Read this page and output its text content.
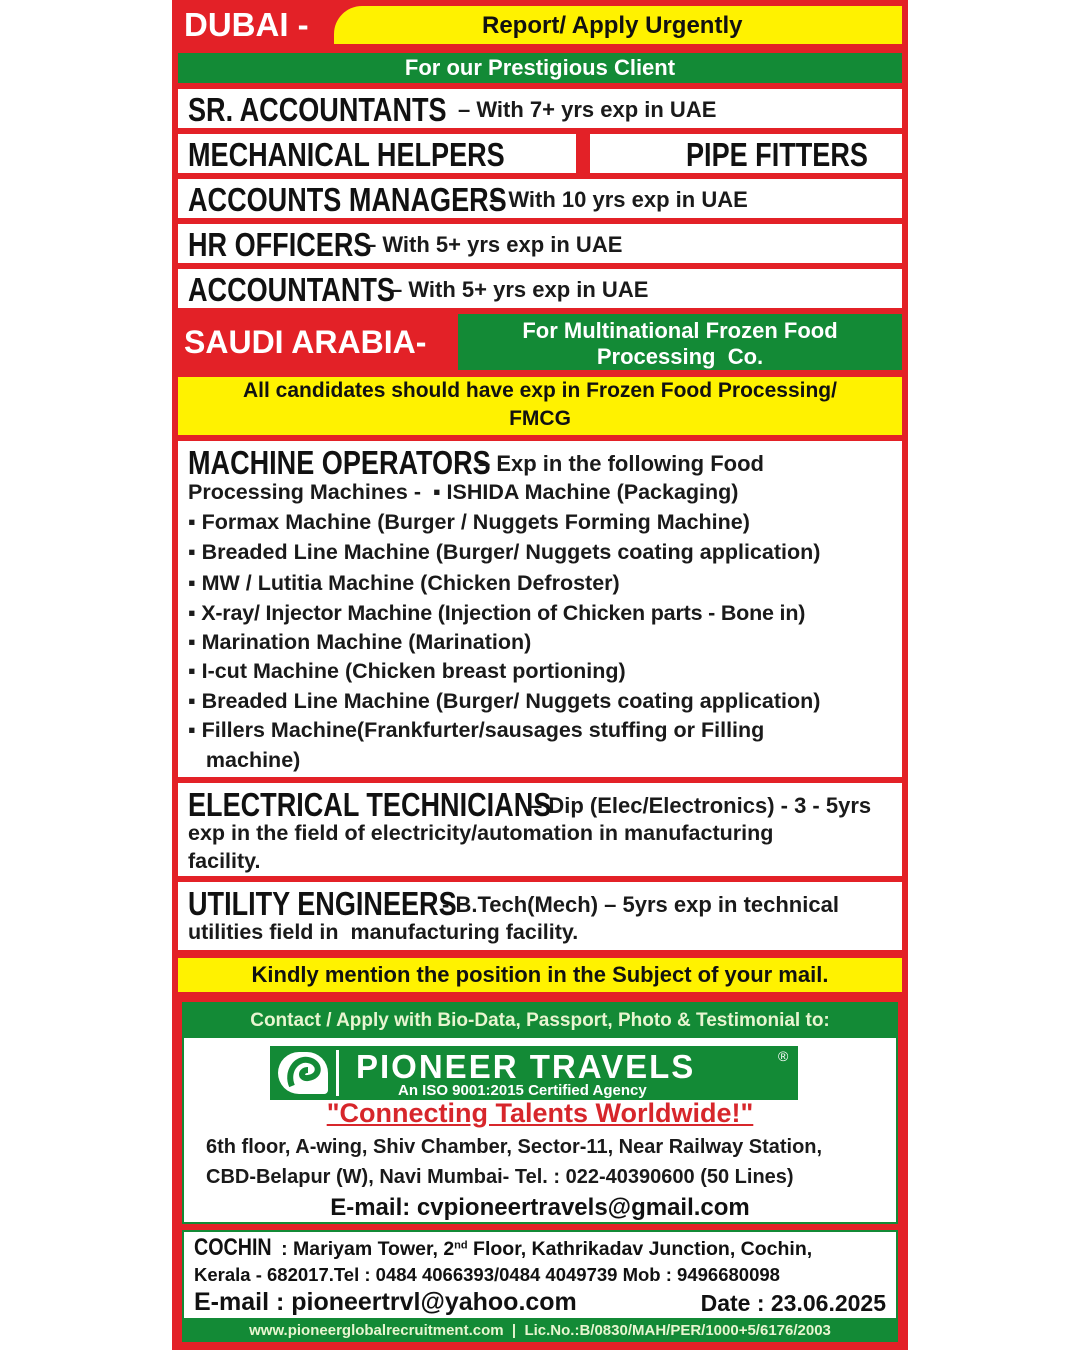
DUBAI -	Report/ Apply Urgently
For our Prestigious Client
SR. ACCOUNTANTS – With 7+ yrs exp in UAE
MECHANICAL HELPERS	PIPE FITTERS
ACCOUNTS MANAGERS
– With 10 yrs exp in UAE
HR OFFICERS
– With 5+ yrs exp in UAE
ACCOUNTANTS
– With 5+ yrs exp in UAE
SAUDI ARABIA-	For Multinational Frozen Food
Processing  Co.
All candidates should have exp in Frozen Food Processing/
FMCG
MACHINE OPERATORS
– Exp in the following Food
Processing Machines -  ▪ ISHIDA Machine (Packaging)
▪ Formax Machine (Burger / Nuggets Forming Machine)
▪ Breaded Line Machine (Burger/ Nuggets coating application)
▪ MW / Lutitia Machine (Chicken Defroster)
▪ X-ray/ Injector Machine (Injection of Chicken parts - Bone in)
▪ Marination Machine (Marination)
▪ I-cut Machine (Chicken breast portioning)
▪ Breaded Line Machine (Burger/ Nuggets coating application)
▪ Fillers Machine(Frankfurter/sausages stuffing or Filling
machine)
ELECTRICAL TECHNICIANS
– Dip (Elec/Electronics) - 3 - 5yrs
exp in the field of electricity/automation in manufacturing
facility.
UTILITY ENGINEERS
- B.Tech(Mech) – 5yrs exp in technical
utilities field in  manufacturing facility.
Kindly mention the position in the Subject of your mail.
Contact / Apply with Bio-Data, Passport, Photo & Testimonial to:
PIONEER TRAVELS	®
An ISO 9001:2015 Certified Agency
"Connecting Talents Worldwide!"
6th floor, A-wing, Shiv Chamber, Sector-11, Near Railway Station,
CBD-Belapur (W), Navi Mumbai- Tel. : 022-40390600 (50 Lines)
E-mail: cvpioneertravels@gmail.com
COCHIN : Mariyam Tower, 2nd Floor, Kathrikadav Junction, Cochin,
Kerala - 682017.Tel : 0484 4066393/0484 4049739 Mob : 9496680098
E-mail : pioneertrvl@yahoo.com	Date : 23.06.2025
www.pioneerglobalrecruitment.com  |  Lic.No.:B/0830/MAH/PER/1000+5/6176/2003
